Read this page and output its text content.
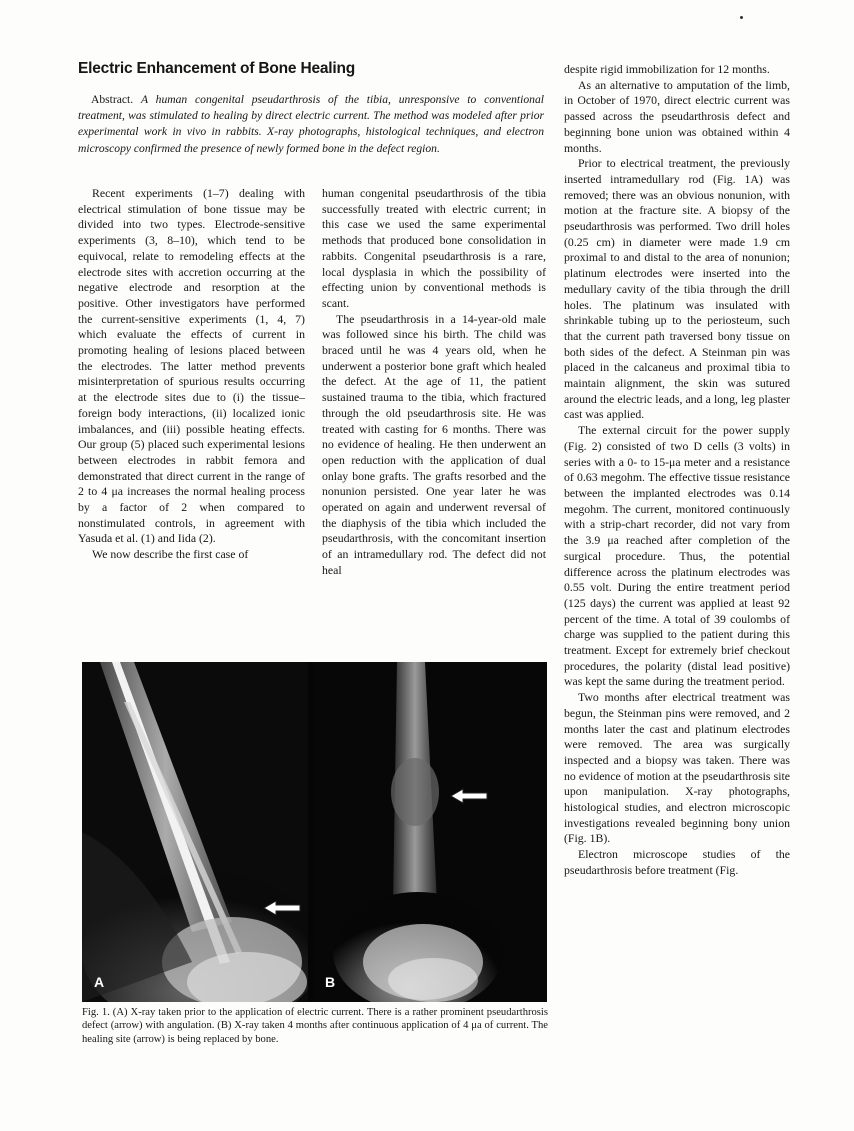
Electric Enhancement of Bone Healing
Abstract. A human congenital pseudarthrosis of the tibia, unresponsive to conventional treatment, was stimulated to healing by direct electric current. The method was modeled after prior experimental work in vivo in rabbits. X-ray photographs, histological techniques, and electron microscopy confirmed the presence of newly formed bone in the defect region.

Recent experiments (1–7) dealing with electrical stimulation of bone tissue may be divided into two types. Electrode-sensitive experiments (3, 8–10), which tend to be equivocal, relate to remodeling effects at the electrode sites with accretion occurring at the negative electrode and resorption at the positive. Other investigators have performed the current-sensitive experiments (1, 4, 7) which evaluate the effects of current in promoting healing of lesions placed between the electrodes. The latter method prevents misinterpretation of spurious results occurring at the electrode sites due to (i) the tissue–foreign body interactions, (ii) localized ionic imbalances, and (iii) possible heating effects. Our group (5) placed such experimental lesions between electrodes in rabbit femora and demonstrated that direct current in the range of 2 to 4 μa increases the normal healing process by a factor of 2 when compared to nonstimulated controls, in agreement with Yasuda et al. (1) and Iida (2).

We now describe the first case of

human congenital pseudarthrosis of the tibia successfully treated with electric current; in this case we used the same experimental methods that produced bone consolidation in rabbits. Congenital pseudarthrosis is a rare, local dysplasia in which the possibility of effecting union by conventional methods is scant.

The pseudarthrosis in a 14-year-old male was followed since his birth. The child was braced until he was 4 years old, when he underwent a posterior bone graft which healed the defect. At the age of 11, the patient sustained trauma to the tibia, which fractured through the old pseudarthrosis site. He was treated with casting for 6 months. There was no evidence of healing. He then underwent an open reduction with the application of dual onlay bone grafts. The grafts resorbed and the nonunion persisted. One year later he was operated on again and underwent reversal of the diaphysis of the tibia which included the pseudarthrosis, with the concomitant insertion of an intramedullary rod. The defect did not heal

despite rigid immobilization for 12 months.

As an alternative to amputation of the limb, in October of 1970, direct electric current was passed across the pseudarthrosis defect and beginning bone union was obtained within 4 months.

Prior to electrical treatment, the previously inserted intramedullary rod (Fig. 1A) was removed; there was an obvious nonunion, with motion at the fracture site. A biopsy of the pseudarthrosis was performed. Two drill holes (0.25 cm) in diameter were made 1.9 cm proximal to and distal to the area of nonunion; platinum electrodes were inserted into the medullary cavity of the tibia through the drill holes. The platinum was insulated with shrinkable tubing up to the periosteum, such that the current path traversed bony tissue on both sides of the defect. A Steinman pin was placed in the calcaneus and proximal tibia to maintain alignment, the skin was sutured around the electric leads, and a long, leg plaster cast was applied.

The external circuit for the power supply (Fig. 2) consisted of two D cells (3 volts) in series with a 0- to 15-μa meter and a resistance of 0.63 megohm. The effective tissue resistance between the implanted electrodes was 0.14 megohm. The current, monitored continuously with a strip-chart recorder, did not vary from the 3.9 μa reached after completion of the surgical procedure. Thus, the potential difference across the platinum electrodes was 0.55 volt. During the entire treatment period (125 days) the current was applied at least 92 percent of the time. A total of 39 coulombs of charge was supplied to the patient during this treatment. Except for extremely brief checkout procedures, the polarity (distal lead positive) was kept the same during the treatment period.

Two months after electrical treatment was begun, the Steinman pins were removed, and 2 months later the cast and platinum electrodes were removed. The area was surgically inspected and a biopsy was taken. There was no evidence of motion at the pseudarthrosis site upon manipulation. X-ray photographs, histological studies, and electron microscopic investigations revealed beginning bony union (Fig. 1B).

Electron microscope studies of the pseudarthrosis before treatment (Fig.

A	B
Fig. 1. (A) X-ray taken prior to the application of electric current. There is a rather prominent pseudarthrosis defect (arrow) with angulation. (B) X-ray taken 4 months after continuous application of 4 μa of current. The healing site (arrow) is being replaced by bone.
